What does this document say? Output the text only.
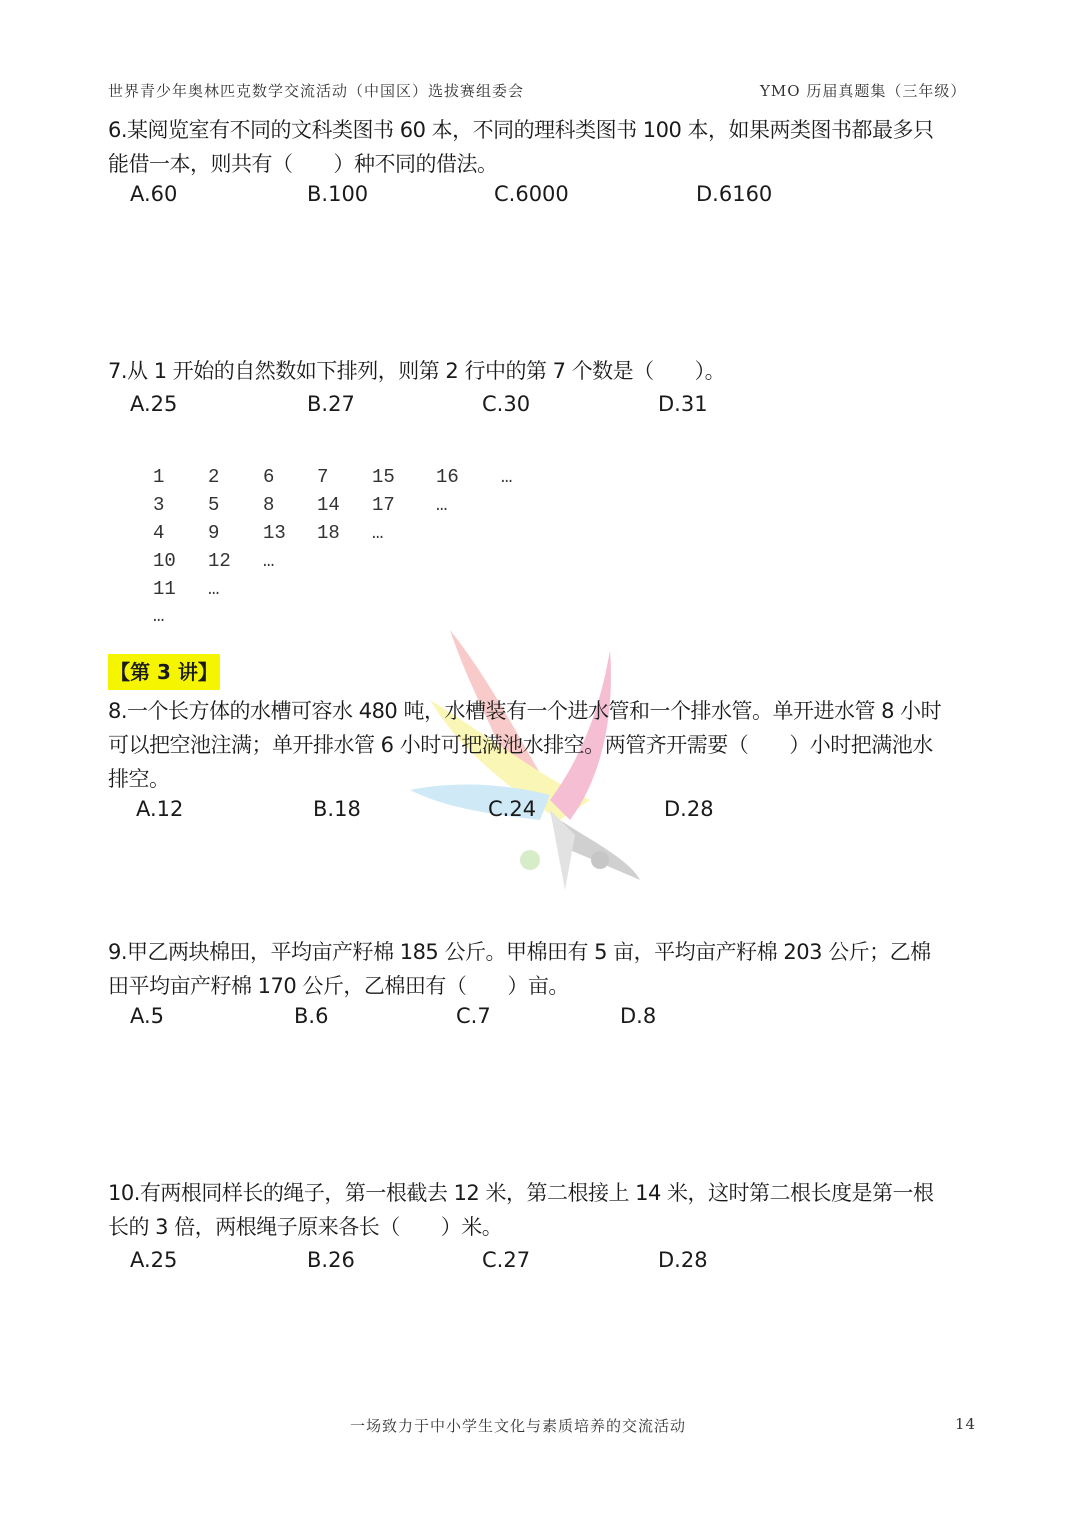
世界青少年奥林匹克数学交流活动（中国区）选拔赛组委会	YMO 历届真题集（三年级）
6.某阅览室有不同的文科类图书 60 本，不同的理科类图书 100 本，如果两类图书都最多只
能借一本，则共有（　　）种不同的借法。
A.60	B.100	C.6000	D.6160
7.从 1 开始的自然数如下排列，则第 2 行中的第 7 个数是（　　）。
A.25	B.27	C.30	D.31
1 2 6 7 15 16 …
3 5 8 14 17 …
4 9 13 18 …
10 12 …
11 …
…
【第 3 讲】
8.一个长方体的水槽可容水 480 吨，水槽装有一个进水管和一个排水管。单开进水管 8 小时
可以把空池注满；单开排水管 6 小时可把满池水排空。两管齐开需要（　　）小时把满池水
排空。
A.12	B.18	C.24	D.28
9.甲乙两块棉田，平均亩产籽棉 185 公斤。甲棉田有 5 亩，平均亩产籽棉 203 公斤；乙棉
田平均亩产籽棉 170 公斤，乙棉田有（　　）亩。
A.5	B.6	C.7	D.8
10.有两根同样长的绳子，第一根截去 12 米，第二根接上 14 米，这时第二根长度是第一根
长的 3 倍，两根绳子原来各长（　　）米。
A.25	B.26	C.27	D.28
一场致力于中小学生文化与素质培养的交流活动	14
